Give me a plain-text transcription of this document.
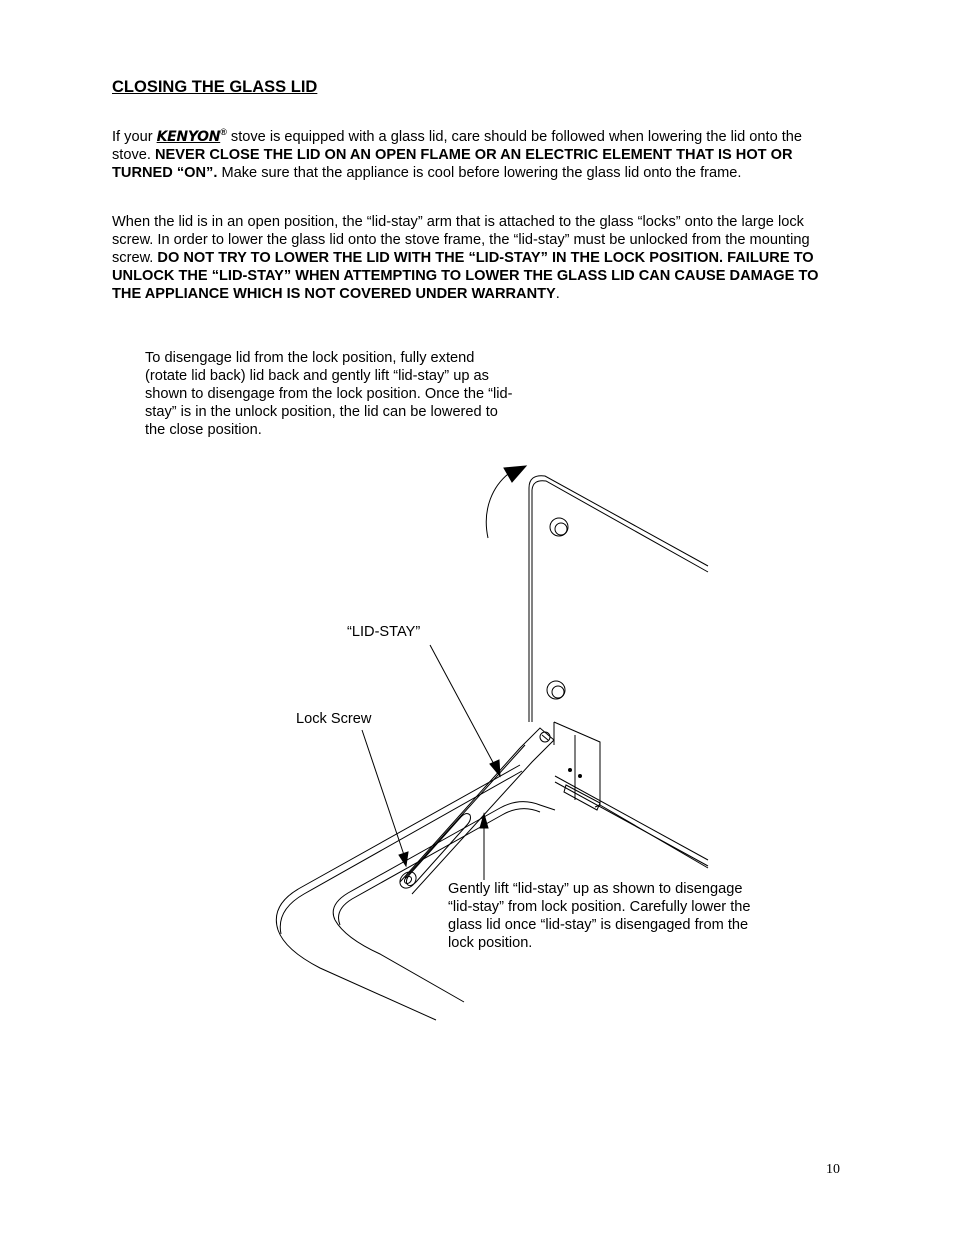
CLOSING THE GLASS LID

If your KENYON® stove is equipped with a glass lid, care should be followed when lowering the lid onto the stove. NEVER CLOSE THE LID ON AN OPEN FLAME OR AN ELECTRIC ELEMENT THAT IS HOT OR TURNED “ON”. Make sure that the appliance is cool before lowering the glass lid onto the frame.

When the lid is in an open position, the “lid-stay” arm that is attached to the glass “locks” onto the large lock screw. In order to lower the glass lid onto the stove frame, the “lid-stay” must be unlocked from the mounting screw. DO NOT TRY TO LOWER THE LID WITH THE “LID-STAY” IN THE LOCK POSITION. FAILURE TO UNLOCK THE “LID-STAY” WHEN ATTEMPTING TO LOWER THE GLASS LID CAN CAUSE DAMAGE TO THE APPLIANCE WHICH IS NOT COVERED UNDER WARRANTY.

To disengage lid from the lock position, fully extend (rotate lid back) lid back and gently lift “lid-stay” up as shown to disengage from the lock position. Once the “lid-stay” is in the unlock position, the lid can be lowered to the close position.

“LID-STAY”
Lock Screw

Gently lift “lid-stay” up as shown to disengage “lid-stay” from lock position. Carefully lower the glass lid once “lid-stay” is disengaged from the lock position.

10
